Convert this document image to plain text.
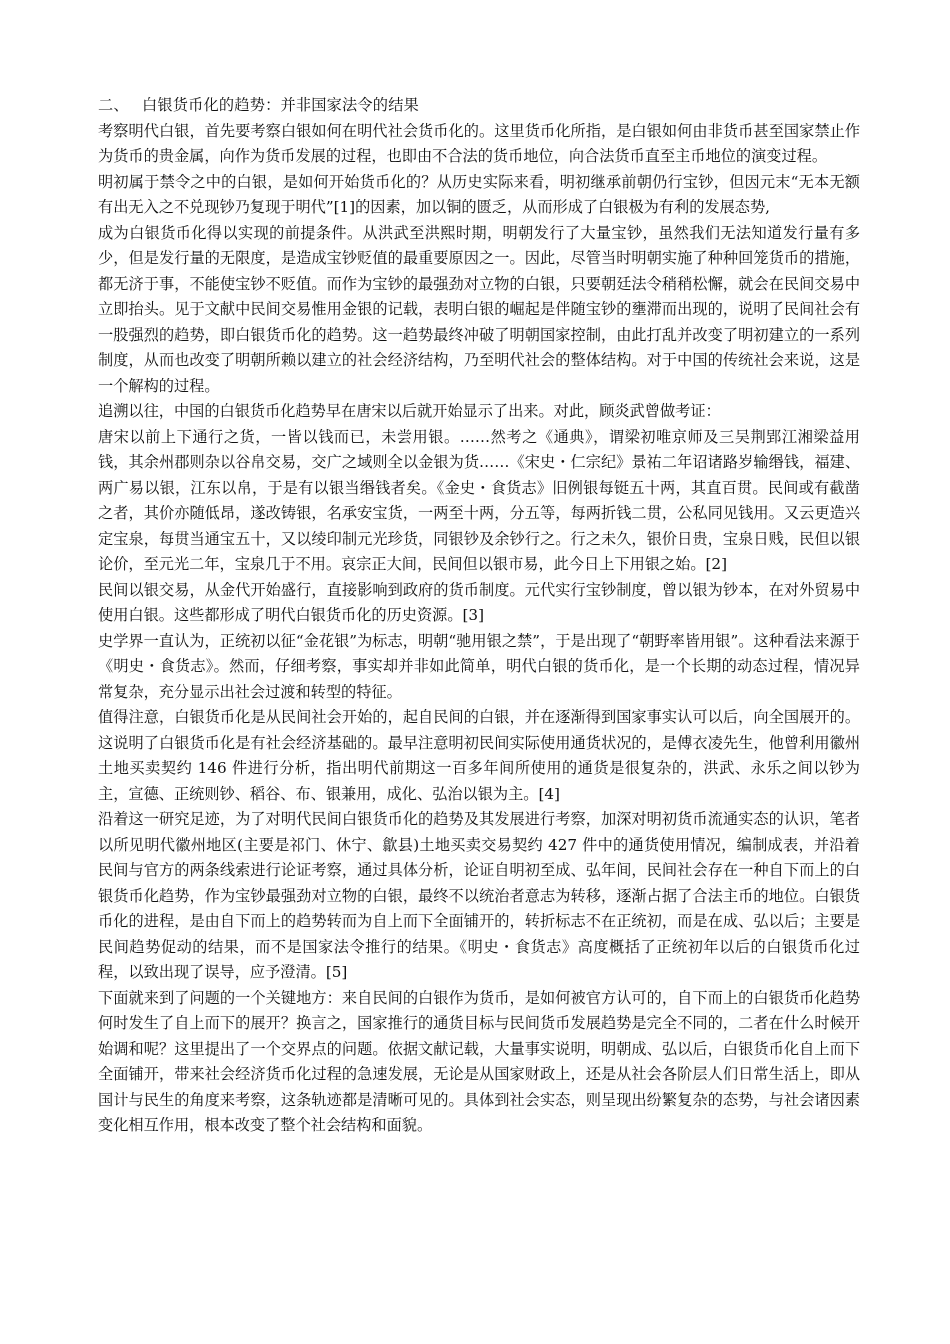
二、 白银货币化的趋势：并非国家法令的结果

考察明代白银，首先要考察白银如何在明代社会货币化的。这里货币化所指，是白银如何由非货币甚至国家禁止作为货币的贵金属，向作为货币发展的过程，也即由不合法的货币地位，向合法货币直至主币地位的演变过程。

明初属于禁令之中的白银，是如何开始货币化的？从历史实际来看，明初继承前朝仍行宝钞，但因元末“无本无额有出无入之不兑现钞乃复现于明代”[1]的因素，加以铜的匮乏，从而形成了白银极为有利的发展态势,

成为白银货币化得以实现的前提条件。从洪武至洪熙时期，明朝发行了大量宝钞，虽然我们无法知道发行量有多少，但是发行量的无限度，是造成宝钞贬值的最重要原因之一。因此，尽管当时明朝实施了种种回笼货币的措施，都无济于事，不能使宝钞不贬值。而作为宝钞的最强劲对立物的白银，只要朝廷法令稍稍松懈，就会在民间交易中立即抬头。见于文献中民间交易惟用金银的记载，表明白银的崛起是伴随宝钞的壅滞而出现的，说明了民间社会有一股强烈的趋势，即白银货币化的趋势。这一趋势最终冲破了明朝国家控制，由此打乱并改变了明初建立的一系列制度，从而也改变了明朝所赖以建立的社会经济结构，乃至明代社会的整体结构。对于中国的传统社会来说，这是一个解构的过程。

追溯以往，中国的白银货币化趋势早在唐宋以后就开始显示了出来。对此，顾炎武曾做考证：

唐宋以前上下通行之货，一皆以钱而已，未尝用银。……然考之《通典》，谓梁初唯京师及三吴荆郢江湘梁益用钱，其余州郡则杂以谷帛交易，交广之域则全以金银为货……《宋史・仁宗纪》景祐二年诏诸路岁输缗钱，福建、两广易以银，江东以帛，于是有以银当缗钱者矣。《金史・食货志》旧例银每铤五十两，其直百贯。民间或有截凿之者，其价亦随低昂，遂改铸银，名承安宝货，一两至十两，分五等，每两折钱二贯，公私同见钱用。又云更造兴定宝泉，每贯当通宝五十，又以绫印制元光珍货，同银钞及余钞行之。行之未久，银价日贵，宝泉日贱，民但以银论价，至元光二年，宝泉几于不用。哀宗正大间，民间但以银市易，此今日上下用银之始。[2]

民间以银交易，从金代开始盛行，直接影响到政府的货币制度。元代实行宝钞制度，曾以银为钞本，在对外贸易中使用白银。这些都形成了明代白银货币化的历史资源。[3]

史学界一直认为，正统初以征“金花银”为标志，明朝“驰用银之禁”，于是出现了“朝野率皆用银”。这种看法来源于《明史・食货志》。然而，仔细考察，事实却并非如此简单，明代白银的货币化，是一个长期的动态过程，情况异常复杂，充分显示出社会过渡和转型的特征。

值得注意，白银货币化是从民间社会开始的，起自民间的白银，并在逐渐得到国家事实认可以后，向全国展开的。这说明了白银货币化是有社会经济基础的。最早注意明初民间实际使用通货状况的，是傅衣凌先生，他曾利用徽州土地买卖契约 146 件进行分析，指出明代前期这一百多年间所使用的通货是很复杂的，洪武、永乐之间以钞为主，宣德、正统则钞、稻谷、布、银兼用，成化、弘治以银为主。[4]

沿着这一研究足迹，为了对明代民间白银货币化的趋势及其发展进行考察，加深对明初货币流通实态的认识，笔者以所见明代徽州地区(主要是祁门、休宁、歙县)土地买卖交易契约 427 件中的通货使用情况，编制成表，并沿着民间与官方的两条线索进行论证考察，通过具体分析，论证自明初至成、弘年间，民间社会存在一种自下而上的白银货币化趋势，作为宝钞最强劲对立物的白银，最终不以统治者意志为转移，逐渐占据了合法主币的地位。白银货币化的进程，是由自下而上的趋势转而为自上而下全面铺开的，转折标志不在正统初，而是在成、弘以后；主要是民间趋势促动的结果，而不是国家法令推行的结果。《明史・食货志》高度概括了正统初年以后的白银货币化过程，以致出现了误导，应予澄清。[5]

下面就来到了问题的一个关键地方：来自民间的白银作为货币，是如何被官方认可的，自下而上的白银货币化趋势何时发生了自上而下的展开？换言之，国家推行的通货目标与民间货币发展趋势是完全不同的，二者在什么时候开始调和呢？这里提出了一个交界点的问题。依据文献记载，大量事实说明，明朝成、弘以后，白银货币化自上而下全面铺开，带来社会经济货币化过程的急速发展，无论是从国家财政上，还是从社会各阶层人们日常生活上，即从国计与民生的角度来考察，这条轨迹都是清晰可见的。具体到社会实态，则呈现出纷繁复杂的态势，与社会诸因素变化相互作用，根本改变了整个社会结构和面貌。
